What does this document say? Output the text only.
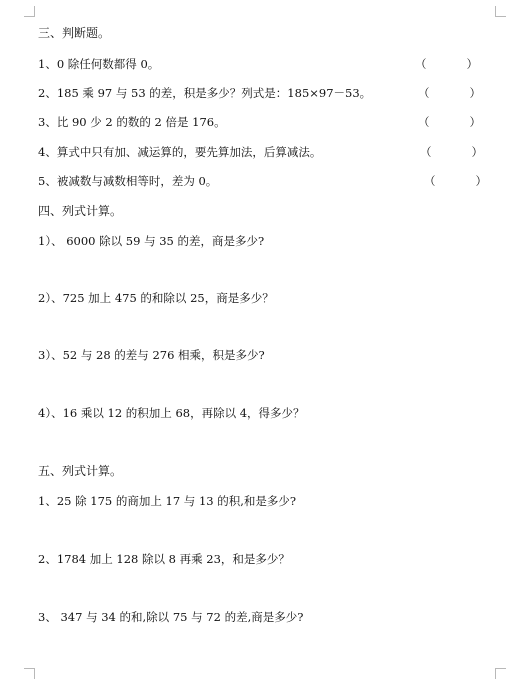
三、判断题。
1、0 除任何数都得 0。	（	）
2、185 乘 97 与 53 的差，积是多少？列式是：185×97－53。	（	）
3、比 90 少 2 的数的 2 倍是 176。	（	）
4、算式中只有加、减运算的，要先算加法，后算减法。	（	）
5、被减数与减数相等时，差为 0。	（	）
四、列式计算。
1）、 6000 除以 59 与 35 的差，商是多少?
2）、725 加上 475 的和除以 25，商是多少？
3）、52 与 28 的差与 276 相乘，积是多少?
4）、16 乘以 12 的积加上 68，再除以 4，得多少？
五、列式计算。
1、25 除 175 的商加上 17 与 13 的积,和是多少?
2、1784 加上 128 除以 8 再乘 23，和是多少？
3、 347 与 34 的和,除以 75 与 72 的差,商是多少?
